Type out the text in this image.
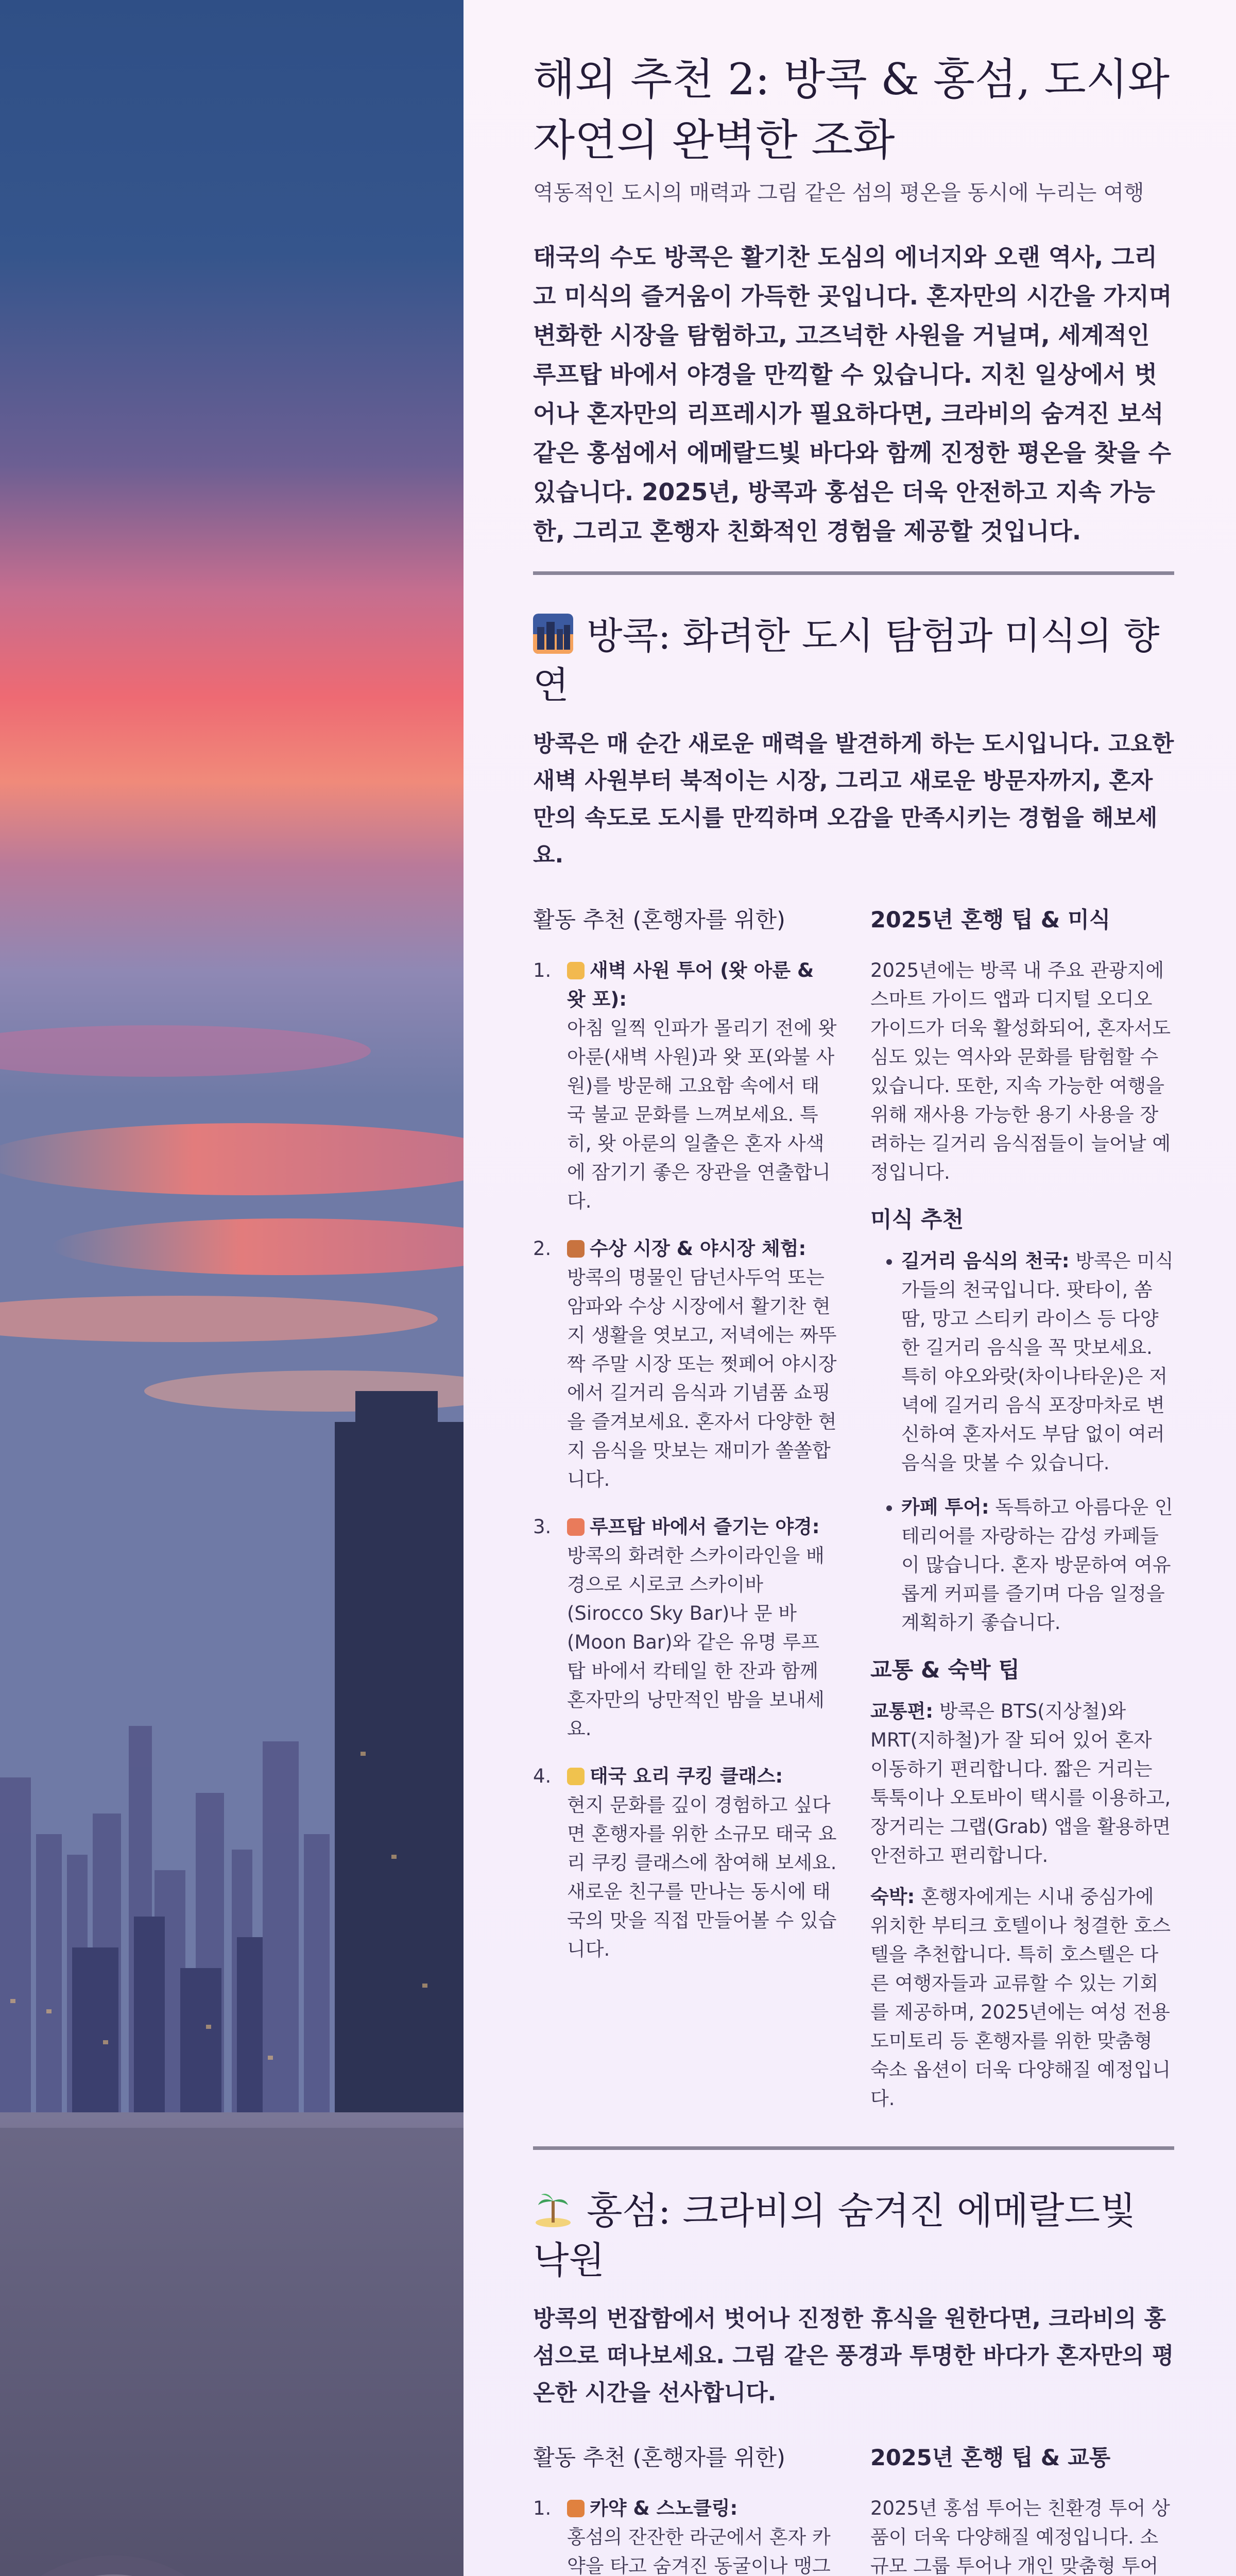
해외 추천 2: 방콕 & 홍섬, 도시와 자연의 완벽한 조화

역동적인 도시의 매력과 그림 같은 섬의 평온을 동시에 누리는 여행

태국의 수도 방콕은 활기찬 도심의 에너지와 오랜 역사, 그리고 미식의 즐거움이 가득한 곳입니다. 혼자만의 시간을 가지며 변화한 시장을 탐험하고, 고즈넉한 사원을 거닐며, 세계적인 루프탑 바에서 야경을 만끽할 수 있습니다. 지친 일상에서 벗어나 혼자만의 리프레시가 필요하다면, 크라비의 숨겨진 보석 같은 홍섬에서 에메랄드빛 바다와 함께 진정한 평온을 찾을 수 있습니다. 2025년, 방콕과 홍섬은 더욱 안전하고 지속 가능한, 그리고 혼행자 친화적인 경험을 제공할 것입니다.

방콕: 화려한 도시 탐험과 미식의 향연

방콕은 매 순간 새로운 매력을 발견하게 하는 도시입니다. 고요한 새벽 사원부터 북적이는 시장, 그리고 새로운 방문자까지, 혼자만의 속도로 도시를 만끽하며 오감을 만족시키는 경험을 해보세요.

활동 추천 (혼행자를 위한)
1.	새벽 사원 투어 (왓 아룬 & 왓 포):
아침 일찍 인파가 몰리기 전에 왓 아룬(새벽 사원)과 왓 포(와불 사원)를 방문해 고요함 속에서 태국 불교 문화를 느껴보세요. 특히, 왓 아룬의 일출은 혼자 사색에 잠기기 좋은 장관을 연출합니다.
2.	수상 시장 & 야시장 체험:
방콕의 명물인 담넌사두억 또는 암파와 수상 시장에서 활기찬 현지 생활을 엿보고, 저녁에는 짜뚜짝 주말 시장 또는 쩟페어 야시장에서 길거리 음식과 기념품 쇼핑을 즐겨보세요. 혼자서 다양한 현지 음식을 맛보는 재미가 쏠쏠합니다.
3.	루프탑 바에서 즐기는 야경:
방콕의 화려한 스카이라인을 배경으로 시로코 스카이바(Sirocco Sky Bar)나 문 바(Moon Bar)와 같은 유명 루프탑 바에서 칵테일 한 잔과 함께 혼자만의 낭만적인 밤을 보내세요.
4.	태국 요리 쿠킹 클래스:
현지 문화를 깊이 경험하고 싶다면 혼행자를 위한 소규모 태국 요리 쿠킹 클래스에 참여해 보세요. 새로운 친구를 만나는 동시에 태국의 맛을 직접 만들어볼 수 있습니다.
2025년 혼행 팁 & 미식

2025년에는 방콕 내 주요 관광지에 스마트 가이드 앱과 디지털 오디오 가이드가 더욱 활성화되어, 혼자서도 심도 있는 역사와 문화를 탐험할 수 있습니다. 또한, 지속 가능한 여행을 위해 재사용 가능한 용기 사용을 장려하는 길거리 음식점들이 늘어날 예정입니다.

미식 추천
• 길거리 음식의 천국: 방콕은 미식가들의 천국입니다. 팟타이, 쏨땀, 망고 스티키 라이스 등 다양한 길거리 음식을 꼭 맛보세요. 특히 야오와랏(차이나타운)은 저녁에 길거리 음식 포장마차로 변신하여 혼자서도 부담 없이 여러 음식을 맛볼 수 있습니다.
• 카페 투어: 독특하고 아름다운 인테리어를 자랑하는 감성 카페들이 많습니다. 혼자 방문하여 여유롭게 커피를 즐기며 다음 일정을 계획하기 좋습니다.
교통 & 숙박 팁

교통편: 방콕은 BTS(지상철)와 MRT(지하철)가 잘 되어 있어 혼자 이동하기 편리합니다. 짧은 거리는 툭툭이나 오토바이 택시를 이용하고, 장거리는 그랩(Grab) 앱을 활용하면 안전하고 편리합니다.

숙박: 혼행자에게는 시내 중심가에 위치한 부티크 호텔이나 청결한 호스텔을 추천합니다. 특히 호스텔은 다른 여행자들과 교류할 수 있는 기회를 제공하며, 2025년에는 여성 전용 도미토리 등 혼행자를 위한 맞춤형 숙소 옵션이 더욱 다양해질 예정입니다.

홍섬: 크라비의 숨겨진 에메랄드빛 낙원

방콕의 번잡함에서 벗어나 진정한 휴식을 원한다면, 크라비의 홍섬으로 떠나보세요. 그림 같은 풍경과 투명한 바다가 혼자만의 평온한 시간을 선사합니다.

활동 추천 (혼행자를 위한)
1.	카약 & 스노클링:
홍섬의 잔잔한 라군에서 혼자 카약을 타고 숨겨진 동굴이나 맹그

2025년 혼행 팁 & 교통

2025년 홍섬 투어는 친환경 투어 상품이 더욱 다양해질 예정입니다. 소규모 그룹 투어나 개인 맞춤형 투어
